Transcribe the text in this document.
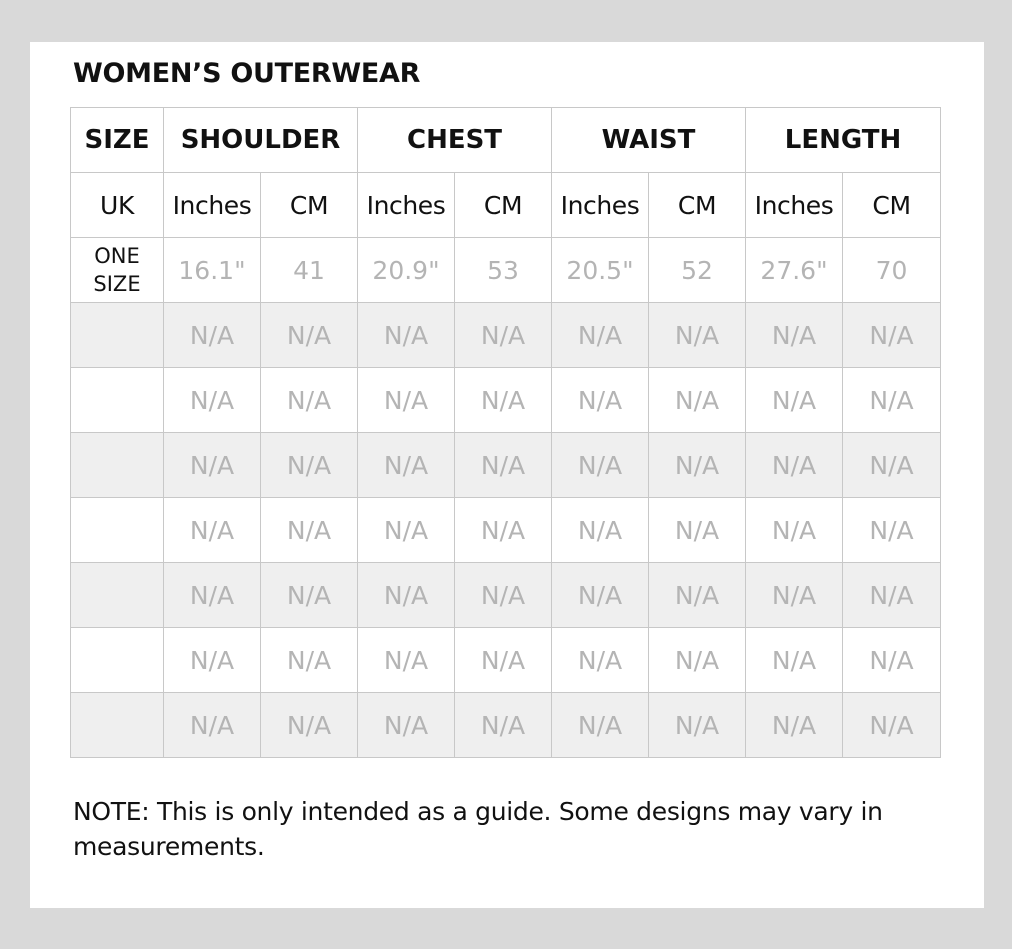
WOMEN’S OUTERWEAR
SIZE	SHOULDER		CHEST		WAIST		LENGTH	
UK	Inches	CM	Inches	CM	Inches	CM	Inches	CM

ONE
SIZE	16.1"	41	20.9"	53	20.5"	52	27.6"	70

	N/A	N/A	N/A	N/A	N/A	N/A	N/A	N/A

	N/A	N/A	N/A	N/A	N/A	N/A	N/A	N/A

	N/A	N/A	N/A	N/A	N/A	N/A	N/A	N/A

	N/A	N/A	N/A	N/A	N/A	N/A	N/A	N/A

	N/A	N/A	N/A	N/A	N/A	N/A	N/A	N/A

	N/A	N/A	N/A	N/A	N/A	N/A	N/A	N/A

	N/A	N/A	N/A	N/A	N/A	N/A	N/A	N/A

NOTE: This is only intended as a guide. Some designs may vary in measurements.
